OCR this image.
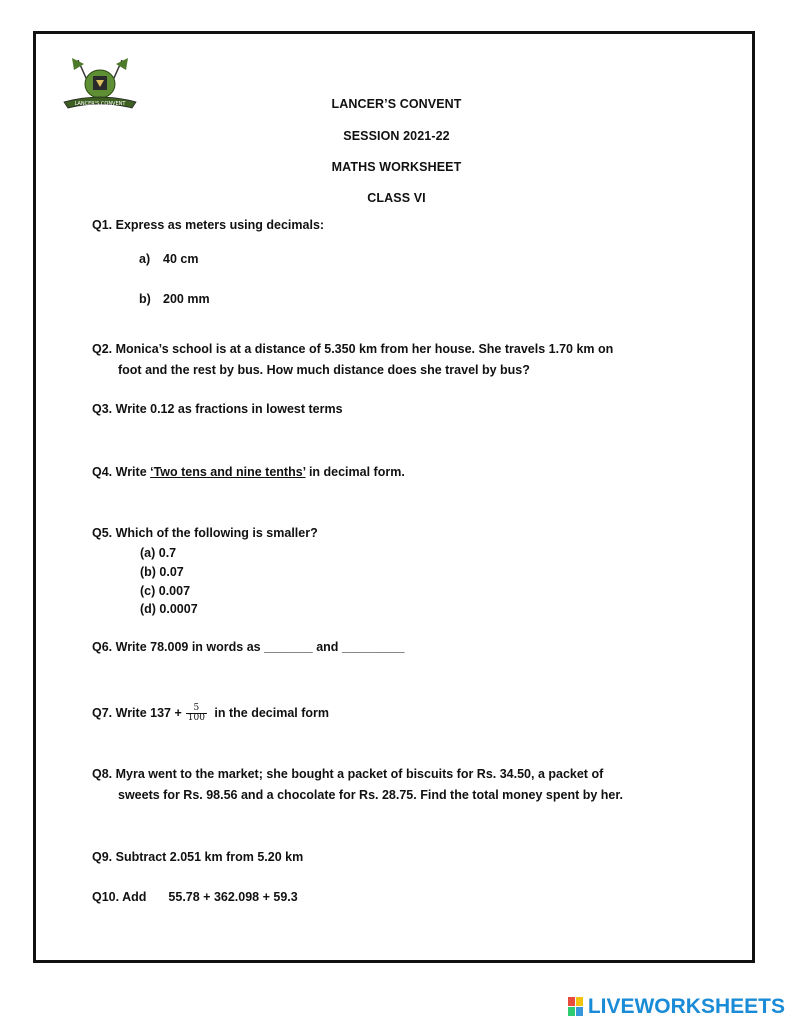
LANCER'S CONVENT	LANCER’S CONVENT
SESSION 2021-22
MATHS WORKSHEET
CLASS VI
Q1. Express as meters using decimals:
a) 40 cm
b) 200 mm
Q2. Monica’s school is at a distance of 5.350 km from her house. She travels 1.70 km on
foot and the rest by bus. How much distance does she travel by bus?
Q3. Write 0.12 as fractions in lowest terms
Q4. Write ‘Two tens and nine tenths’ in decimal form.
Q5. Which of the following is smaller?
(a) 0.7
(b) 0.07
(c) 0.007
(d) 0.0007
Q6. Write 78.009 in words as _______ and _________
Q7. Write $137 + \frac{5}{100}$ in the decimal form
Q8. Myra went to the market; she bought a packet of biscuits for Rs. 34.50, a packet of
sweets for Rs. 98.56 and a chocolate for Rs. 28.75. Find the total money spent by her.
Q9. Subtract 2.051 km from 5.20 km
Q10. Add 55.78 + 362.098 + 59.3
LIVEWORKSHEETS
